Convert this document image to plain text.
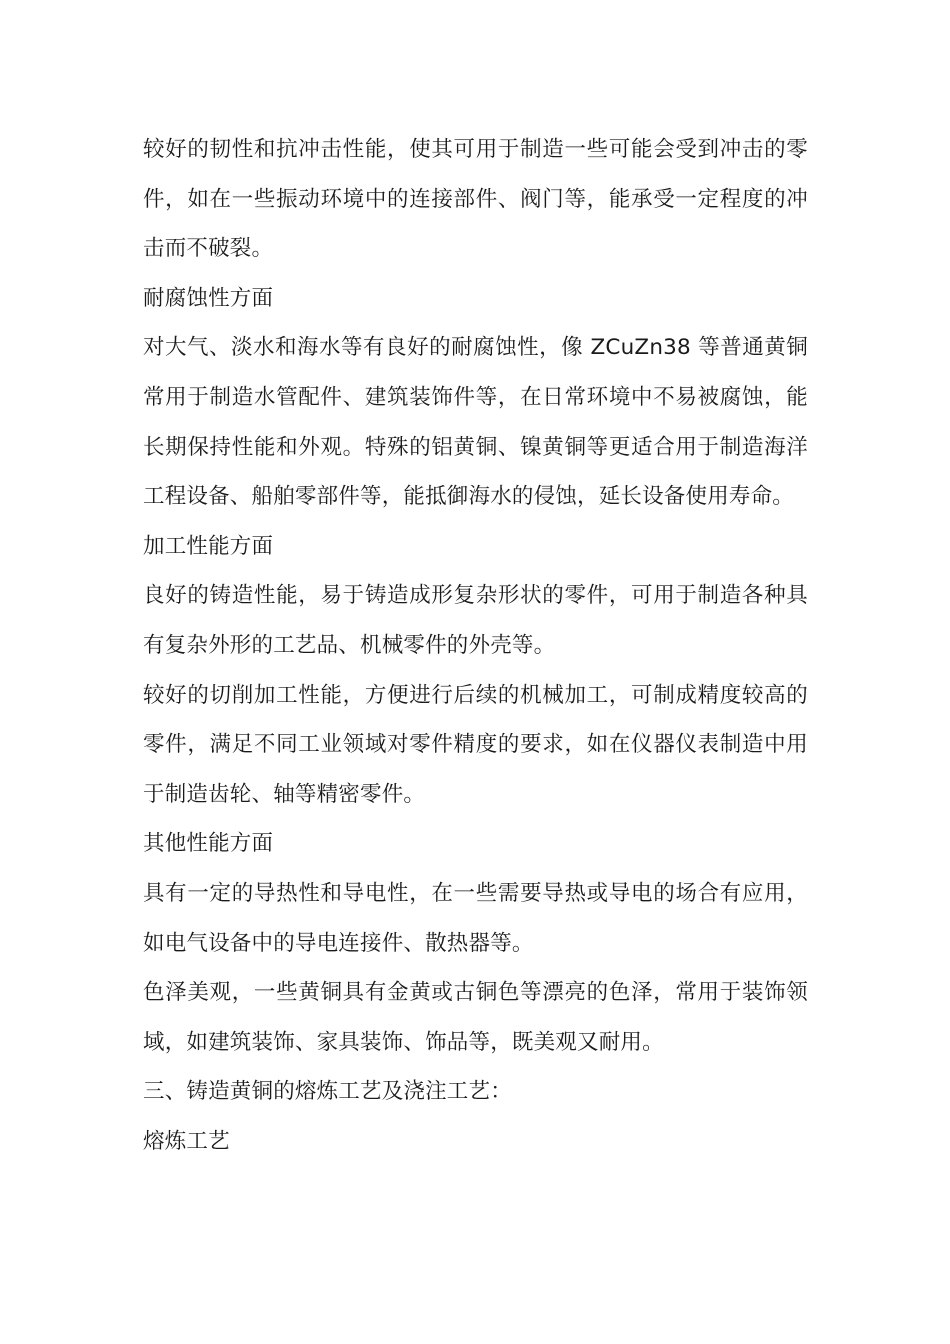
较好的韧性和抗冲击性能，使其可用于制造一些可能会受到冲击的零件，如在一些振动环境中的连接部件、阀门等，能承受一定程度的冲击而不破裂。

耐腐蚀性方面

对大气、淡水和海水等有良好的耐腐蚀性，像 ZCuZn38 等普通黄铜常用于制造水管配件、建筑装饰件等，在日常环境中不易被腐蚀，能长期保持性能和外观。特殊的铝黄铜、镍黄铜等更适合用于制造海洋工程设备、船舶零部件等，能抵御海水的侵蚀，延长设备使用寿命。

加工性能方面

良好的铸造性能，易于铸造成形复杂形状的零件，可用于制造各种具有复杂外形的工艺品、机械零件的外壳等。

较好的切削加工性能，方便进行后续的机械加工，可制成精度较高的零件，满足不同工业领域对零件精度的要求，如在仪器仪表制造中用于制造齿轮、轴等精密零件。

其他性能方面

具有一定的导热性和导电性，在一些需要导热或导电的场合有应用，如电气设备中的导电连接件、散热器等。

色泽美观，一些黄铜具有金黄或古铜色等漂亮的色泽，常用于装饰领域，如建筑装饰、家具装饰、饰品等，既美观又耐用。

三、铸造黄铜的熔炼工艺及浇注工艺：

熔炼工艺
